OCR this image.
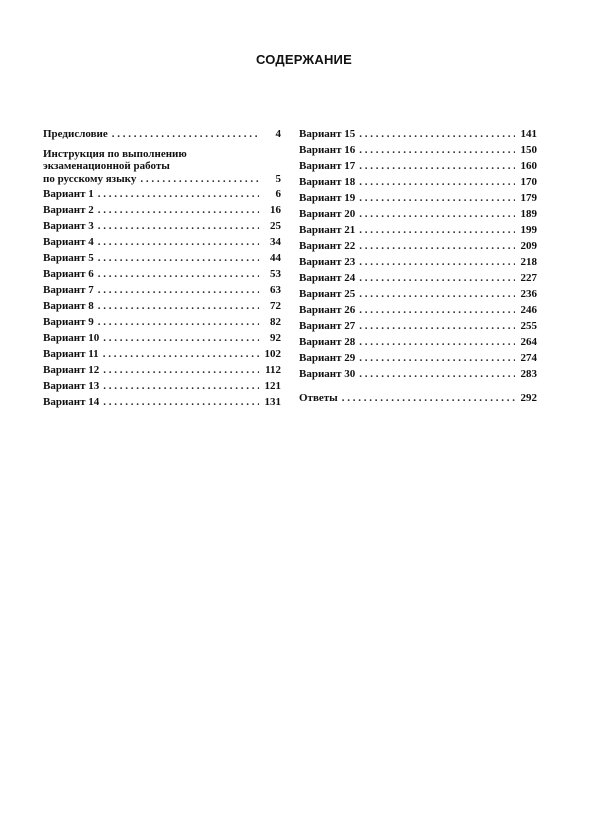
СОДЕРЖАНИЕ
Предисловие . . .	4
Инструкция по выполнению
экзаменационной работы
по русскому языку . . .	5
Вариант 1 . . .	6
Вариант 2 . . .	16
Вариант 3 . . .	25
Вариант 4 . . .	34
Вариант 5 . . .	44
Вариант 6 . . .	53
Вариант 7 . . .	63
Вариант 8 . . .	72
Вариант 9 . . .	82
Вариант 10 . . .	92
Вариант 11 . . .	102
Вариант 12 . . .	112
Вариант 13 . . .	121
Вариант 14 . . .	131
Вариант 15 . . .	141
Вариант 16 . . .	150
Вариант 17 . . .	160
Вариант 18 . . .	170
Вариант 19 . . .	179
Вариант 20 . . .	189
Вариант 21 . . .	199
Вариант 22 . . .	209
Вариант 23 . . .	218
Вариант 24 . . .	227
Вариант 25 . . .	236
Вариант 26 . . .	246
Вариант 27 . . .	255
Вариант 28 . . .	264
Вариант 29 . . .	274
Вариант 30 . . .	283
Ответы . . .	292
